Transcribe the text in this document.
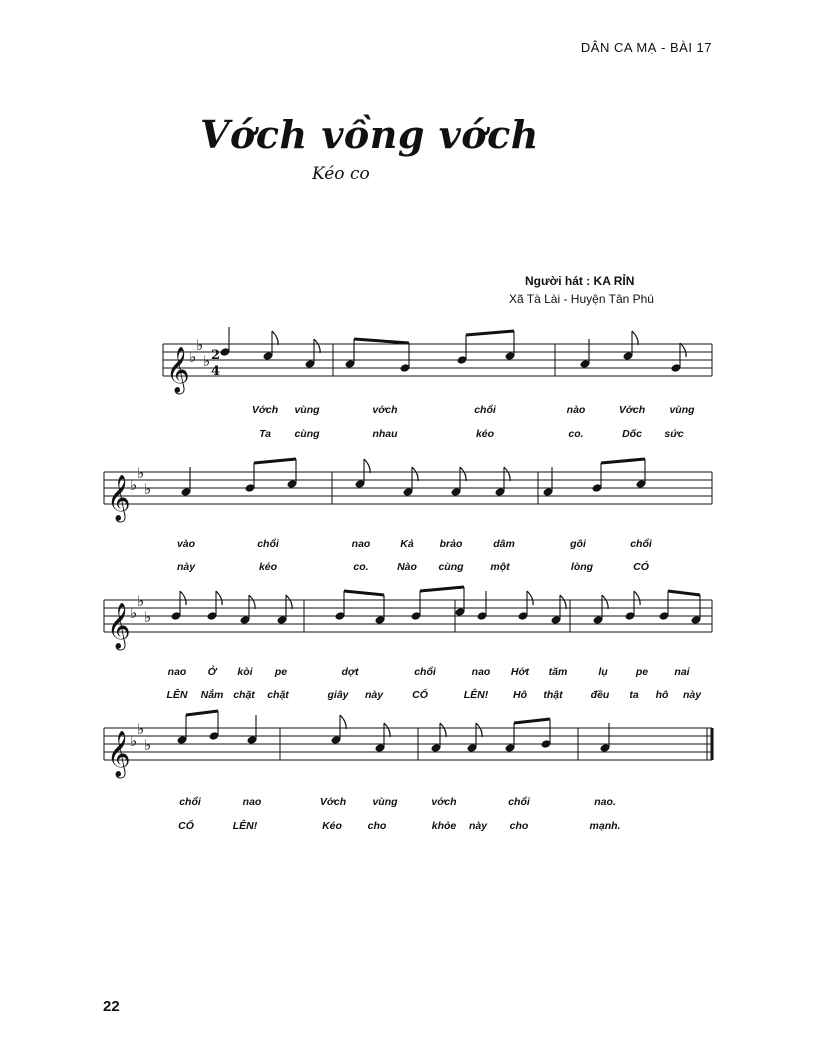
DÂN CA MẠ - BÀI 17
Vớch vồng vớch
Kéo co
Người hát : KA RỈN
Xã Tà Lài - Huyện Tân Phú
22
𝄞 ♭
♭
♭ 2
4
𝄞 ♭
♭
♭
𝄞 ♭
♭
♭
𝄞 ♭
♭
♭
Vớch vùng	vớch	chổi	nào	Vớch vùng
Ta cùng	nhau	kéo	co.	Dốc sức
vào	chổi	nao	Kả brảo	dâm	gôi	chổi
này	kéo	co.	Nào cùng	một	lòng	CÓ
nao Ở kòi pe	dợt	chổi	nao Hớt tăm	lụ	pe	nai
LÊN Nắm chặt chặt	giây này	CỐ	LÊN! Hô thật	đều ta hô này
chổi	nao	Vớch	vùng	vớch	chổi	nao.
CỐ	LÊN!	Kéo cho	khỏe này cho	mạnh.
